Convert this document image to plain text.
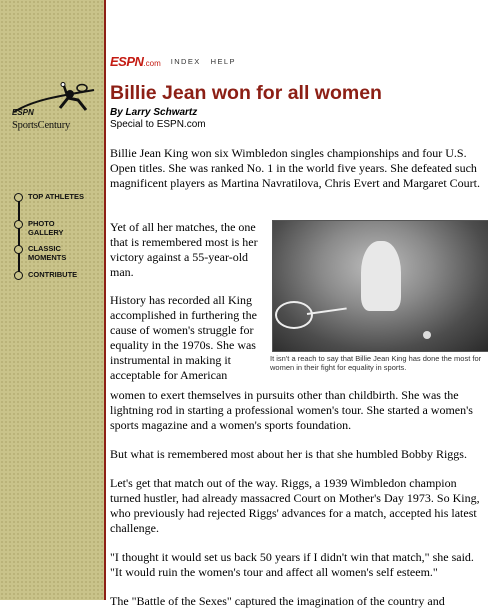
ESPN
SportsCentury
TOP ATHLETES
PHOTO GALLERY
CLASSIC MOMENTS
CONTRIBUTE
ESPN.com INDEX HELP
Billie Jean won for all women
By Larry Schwartz
Special to ESPN.com

Billie Jean King won six Wimbledon singles championships and four U.S. Open titles. She was ranked No. 1 in the world five years. She defeated such magnificent players as Martina Navratilova, Chris Evert and Margaret Court.

It isn't a reach to say that Billie Jean King has done the most for women in their fight for equality in sports.

Yet of all her matches, the one that is remembered most is her victory against a 55-year-old man.

History has recorded all King accomplished in furthering the cause of women's struggle for equality in the 1970s. She was instrumental in making it acceptable for American

women to exert themselves in pursuits other than childbirth. She was the lightning rod in starting a professional women's tour. She started a women's sports magazine and a women's sports foundation.

But what is remembered most about her is that she humbled Bobby Riggs.

Let's get that match out of the way. Riggs, a 1939 Wimbledon champion turned hustler, had already massacred Court on Mother's Day 1973. So King, who previously had rejected Riggs' advances for a match, accepted his latest challenge.

"I thought it would set us back 50 years if I didn't win that match," she said. "It would ruin the women's tour and affect all women's self esteem."

The "Battle of the Sexes" captured the imagination of the country and
